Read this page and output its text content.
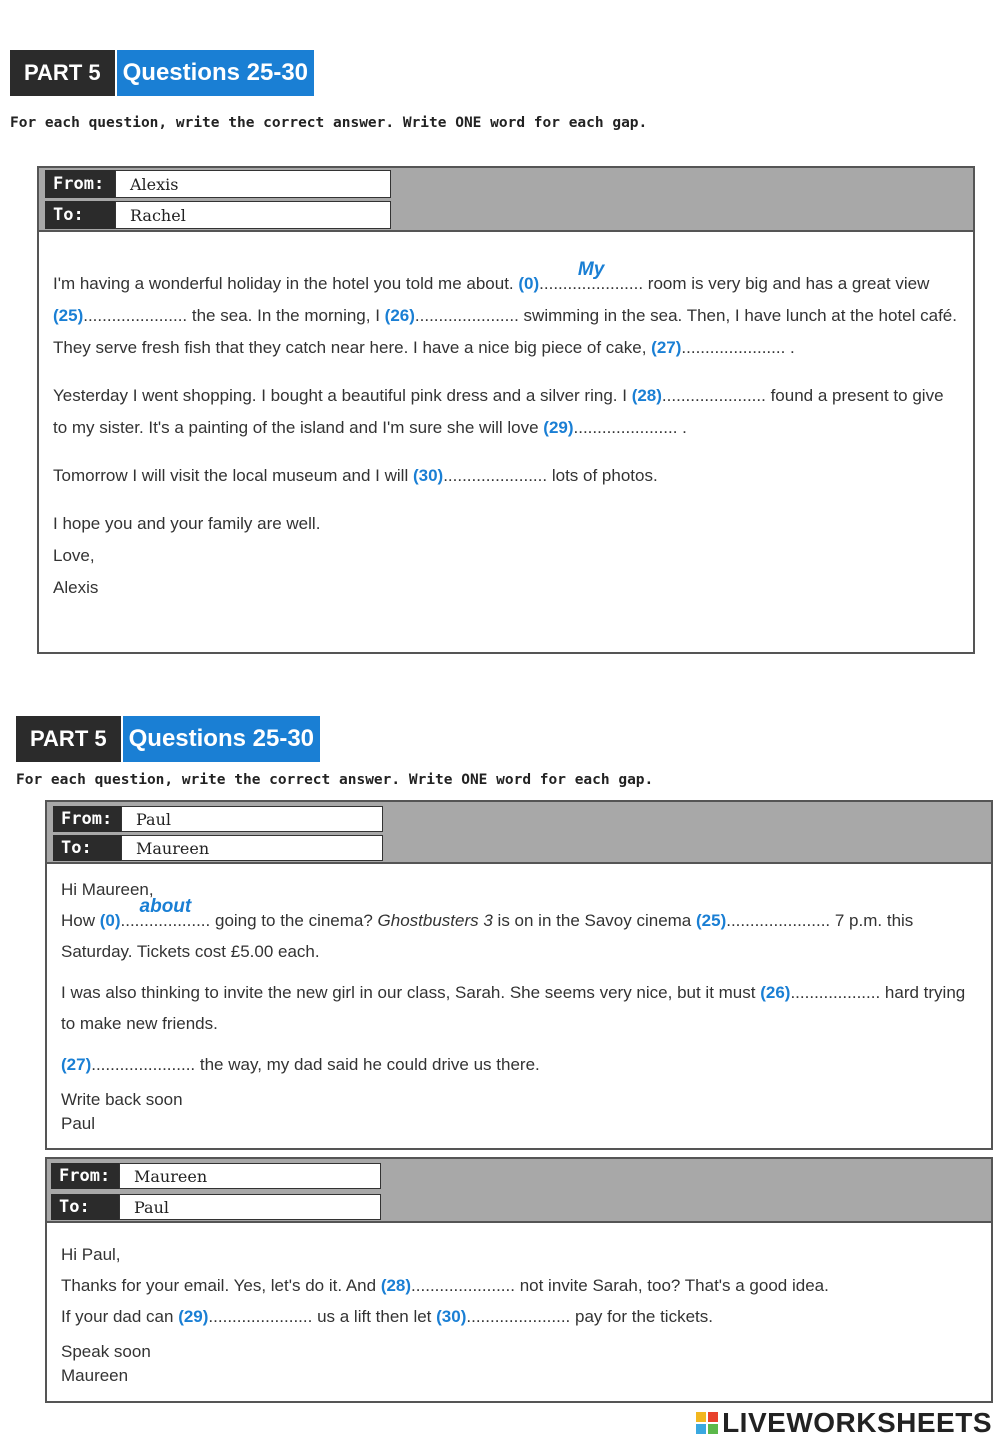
PART 5 Questions 25-30
For each question, write the correct answer. Write ONE word for each gap.
From:	Alexis
To:	Rachel

I'm having a wonderful holiday in the hotel you told me about. (0)......................
My
room is very big and has a great view (25)...................... the sea. In the morning, I (26)...................... swimming in the sea. Then, I have lunch at the hotel café. They serve fresh fish that they catch near here. I have a nice big piece of cake, (27)...................... .

Yesterday I went shopping. I bought a beautiful pink dress and a silver ring. I (28)...................... found a present to give to my sister. It's a painting of the island and I'm sure she will love (29)...................... .

Tomorrow I will visit the local museum and I will (30)...................... lots of photos.

I hope you and your family are well.

Love,

Alexis

PART 5 Questions 25-30
For each question, write the correct answer. Write ONE word for each gap.
From:	Paul
To:	Maureen

Hi Maureen,

How (0)...................
about
going to the cinema? Ghostbusters 3 is on in the Savoy cinema (25)...................... 7 p.m. this Saturday. Tickets cost £5.00 each.

I was also thinking to invite the new girl in our class, Sarah. She seems very nice, but it must (26)................... hard trying to make new friends.

(27)...................... the way, my dad said he could drive us there.

Write back soon

Paul

From:	Maureen
To:	Paul

Hi Paul,

Thanks for your email. Yes, let's do it. And (28)...................... not invite Sarah, too? That's a good idea.

If your dad can (29)...................... us a lift then let (30)...................... pay for the tickets.

Speak soon

Maureen

LIVEWORKSHEETS
